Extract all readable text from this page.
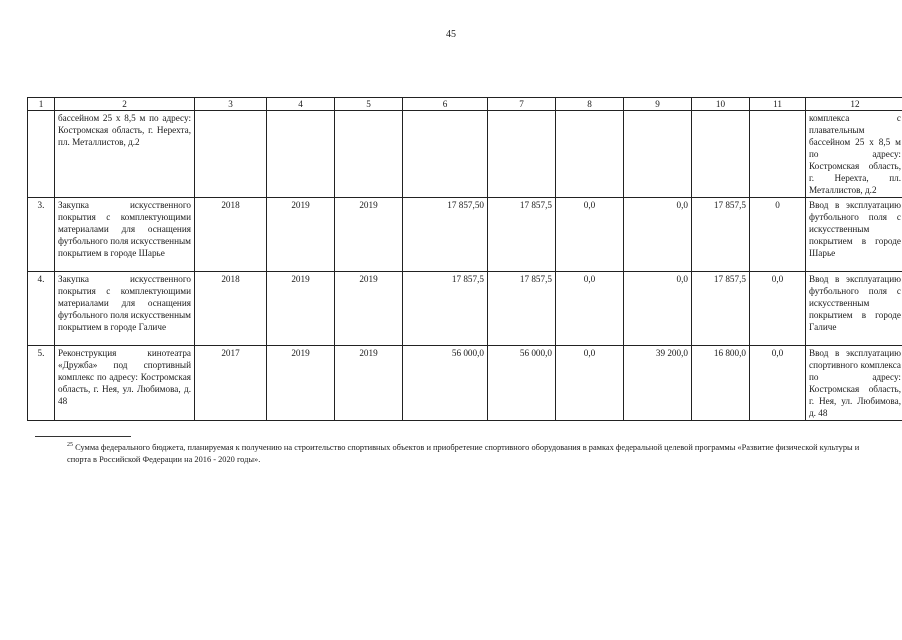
45
1	2	3	4	5	6	7	8	9	10	11	12
	бассейном 25 х 8,5 м по адресу: Костромская область, г. Нерехта, пл. Металлистов, д.2										комплекса с плавательным бассейном 25 х 8,5 м по адресу: Костромская область, г. Нерехта, пл. Металлистов, д.2
3.	Закупка искусственного покрытия с комплектующими материалами для оснащения футбольного поля искусственным покрытием в городе Шарье	2018	2019	2019	17 857,50	17 857,5	0,0	0,0	17 857,5	0	Ввод в эксплуатацию футбольного поля с искусственным покрытием в городе Шарье
4.	Закупка искусственного покрытия с комплектующими материалами для оснащения футбольного поля искусственным покрытием в городе Галиче	2018	2019	2019	17 857,5	17 857,5	0,0	0,0	17 857,5	0,0	Ввод в эксплуатацию футбольного поля с искусственным покрытием в городе Галиче
5.	Реконструкция кинотеатра «Дружба» под спортивный комплекс по адресу: Костромская область, г. Нея, ул. Любимова, д. 48	2017	2019	2019	56 000,0	56 000,0	0,0	39 200,0	16 800,0	0,0	Ввод в эксплуатацию спортивного комплекса по адресу: Костромская область, г. Нея, ул. Любимова, д. 48
$^{25}$ Сумма федерального бюджета, планируемая к получению на строительство спортивных объектов и приобретение спортивного оборудования в рамках федеральной целевой программы «Развитие физической культуры и спорта в Российской Федерации на 2016 - 2020 годы».
